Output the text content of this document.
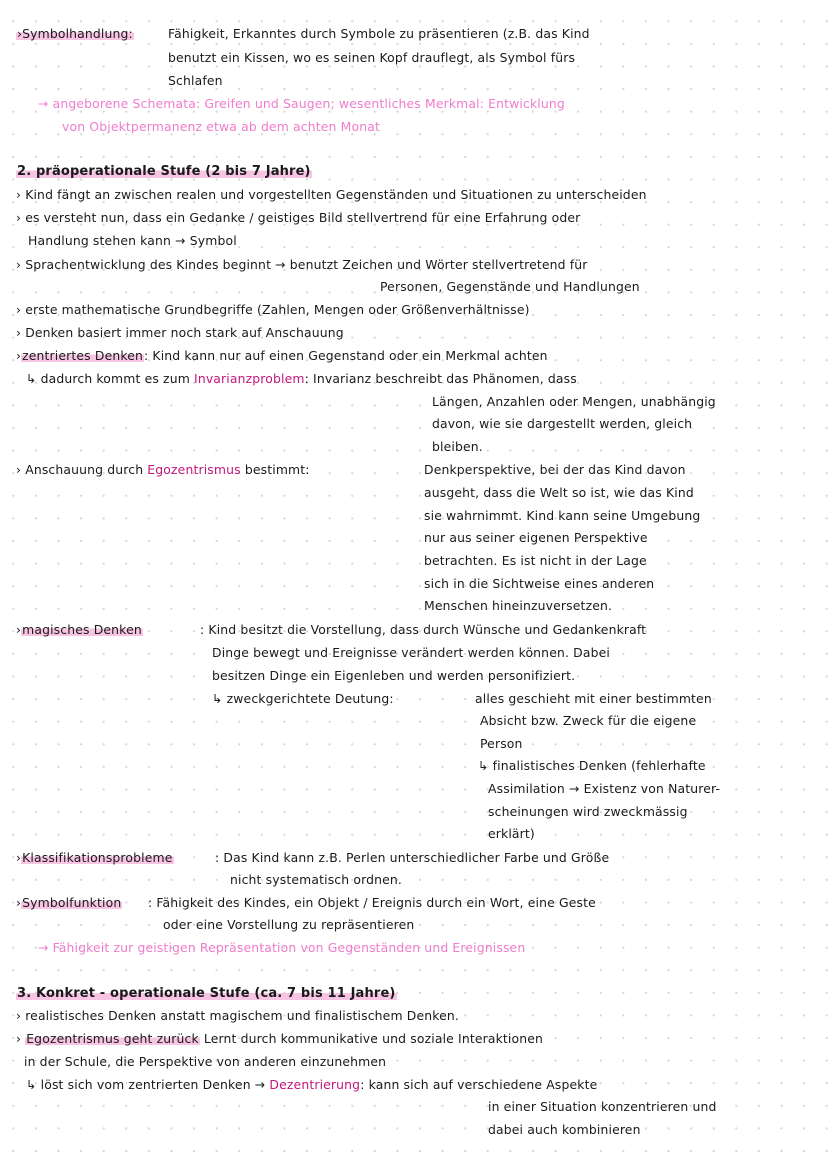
›Symbolhandlung:	Fähigkeit, Erkanntes durch Symbole zu präsentieren (z.B. das Kind
benutzt ein Kissen, wo es seinen Kopf drauflegt, als Symbol fürs
Schlafen
→ angeborene Schemata: Greifen und Saugen; wesentliches Merkmal: Entwicklung
von Objektpermanenz etwa ab dem achten Monat
2. präoperationale Stufe (2 bis 7 Jahre)
› Kind fängt an zwischen realen und vorgestellten Gegenständen und Situationen zu unterscheiden
› es versteht nun, dass ein Gedanke / geistiges Bild stellvertrend für eine Erfahrung oder
Handlung stehen kann → Symbol
› Sprachentwicklung des Kindes beginnt → benutzt Zeichen und Wörter stellvertretend für
Personen, Gegenstände und Handlungen
› erste mathematische Grundbegriffe (Zahlen, Mengen oder Größenverhältnisse)
› Denken basiert immer noch stark auf Anschauung
›zentriertes Denken: Kind kann nur auf einen Gegenstand oder ein Merkmal achten
↳ dadurch kommt es zum Invarianzproblem: Invarianz beschreibt das Phänomen, dass
Längen, Anzahlen oder Mengen, unabhängig
davon, wie sie dargestellt werden, gleich
bleiben.
› Anschauung durch Egozentrismus bestimmt:	Denkperspektive, bei der das Kind davon
ausgeht, dass die Welt so ist, wie das Kind
sie wahrnimmt. Kind kann seine Umgebung
nur aus seiner eigenen Perspektive
betrachten. Es ist nicht in der Lage
sich in die Sichtweise eines anderen
Menschen hineinzuversetzen.
›magisches Denken	: Kind besitzt die Vorstellung, dass durch Wünsche und Gedankenkraft
Dinge bewegt und Ereignisse verändert werden können. Dabei
besitzen Dinge ein Eigenleben und werden personifiziert.
↳ zweckgerichtete Deutung:	alles geschieht mit einer bestimmten
Absicht bzw. Zweck für die eigene
Person
↳ finalistisches Denken (fehlerhafte
Assimilation → Existenz von Naturer-
scheinungen wird zweckmässig
erklärt)
›Klassifikationsprobleme	: Das Kind kann z.B. Perlen unterschiedlicher Farbe und Größe
nicht systematisch ordnen.
›Symbolfunktion : Fähigkeit des Kindes, ein Objekt / Ereignis durch ein Wort, eine Geste
oder eine Vorstellung zu repräsentieren
→ Fähigkeit zur geistigen Repräsentation von Gegenständen und Ereignissen
3. Konkret - operationale Stufe (ca. 7 bis 11 Jahre)
› realistisches Denken anstatt magischem und finalistischem Denken.
› Egozentrismus geht zurück Lernt durch kommunikative und soziale Interaktionen
in der Schule, die Perspektive von anderen einzunehmen
↳ löst sich vom zentrierten Denken → Dezentrierung: kann sich auf verschiedene Aspekte
in einer Situation konzentrieren und
dabei auch kombinieren
